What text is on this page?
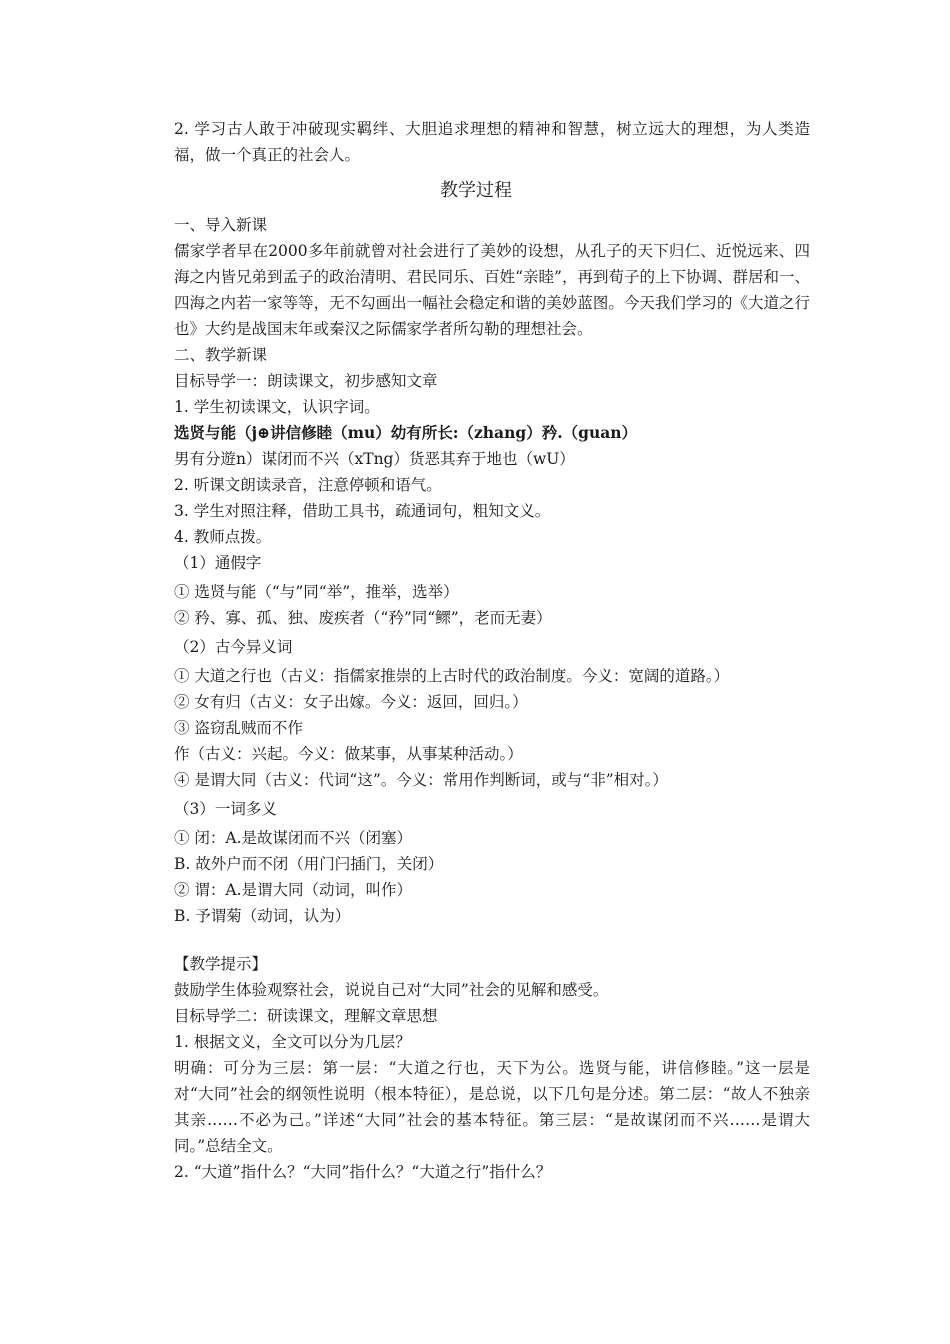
2. 学习古人敢于冲破现实羁绊、大胆追求理想的精神和智慧，树立远大的理想，为人类造福，做一个真正的社会人。

教学过程

一、导入新课

儒家学者早在2000多年前就曾对社会进行了美妙的设想，从孔子的天下归仁、近悦远来、四海之内皆兄弟到孟子的政治清明、君民同乐、百姓“亲睦”，再到荀子的上下协调、群居和一、四海之内若一家等等，无不勾画出一幅社会稳定和谐的美妙蓝图。今天我们学习的《大道之行也》大约是战国末年或秦汉之际儒家学者所勾勒的理想社会。

二、教学新课

目标导学一：朗读课文，初步感知文章

1. 学生初读课文，认识字词。

选贤与能（j⊕讲信修睦（mu）幼有所长:（zhang）矜.（guan）

男有分遊n）谋闭而不兴（xTng）货恶其弃于地也（wU）

2. 听课文朗读录音，注意停顿和语气。

3. 学生对照注释，借助工具书，疏通词句，粗知文义。

4. 教师点拨。

（1）通假字

① 选贤与能（“与”同“举”，推举，选举）

② 矜、寡、孤、独、废疾者（“矜”同“鳏”，老而无妻）

（2）古今异义词

① 大道之行也（古义：指儒家推崇的上古时代的政治制度。今义：宽阔的道路。）

② 女有归（古义：女子出嫁。今义：返回，回归。）

③ 盗窃乱贼而不作

作（古义：兴起。今义：做某事，从事某种活动。）

④ 是谓大同（古义：代词“这”。今义：常用作判断词，或与“非”相对。）

（3）一词多义

① 闭：A.是故谋闭而不兴（闭塞）

B. 故外户而不闭（用门闩插门，关闭）

② 谓：A.是谓大同（动词，叫作）

B. 予谓菊（动词，认为）

【教学提示】

鼓励学生体验观察社会，说说自己对“大同”社会的见解和感受。

目标导学二：研读课文，理解文章思想

1. 根据文义，全文可以分为几层？

明确：可分为三层：第一层：“大道之行也，天下为公。选贤与能，讲信修睦。”这一层是对“大同”社会的纲领性说明（根本特征），是总说，以下几句是分述。第二层：“故人不独亲其亲……不必为己。”详述“大同”社会的基本特征。第三层：“是故谋闭而不兴……是谓大同。”总结全文。

2. “大道”指什么？“大同”指什么？“大道之行”指什么？
